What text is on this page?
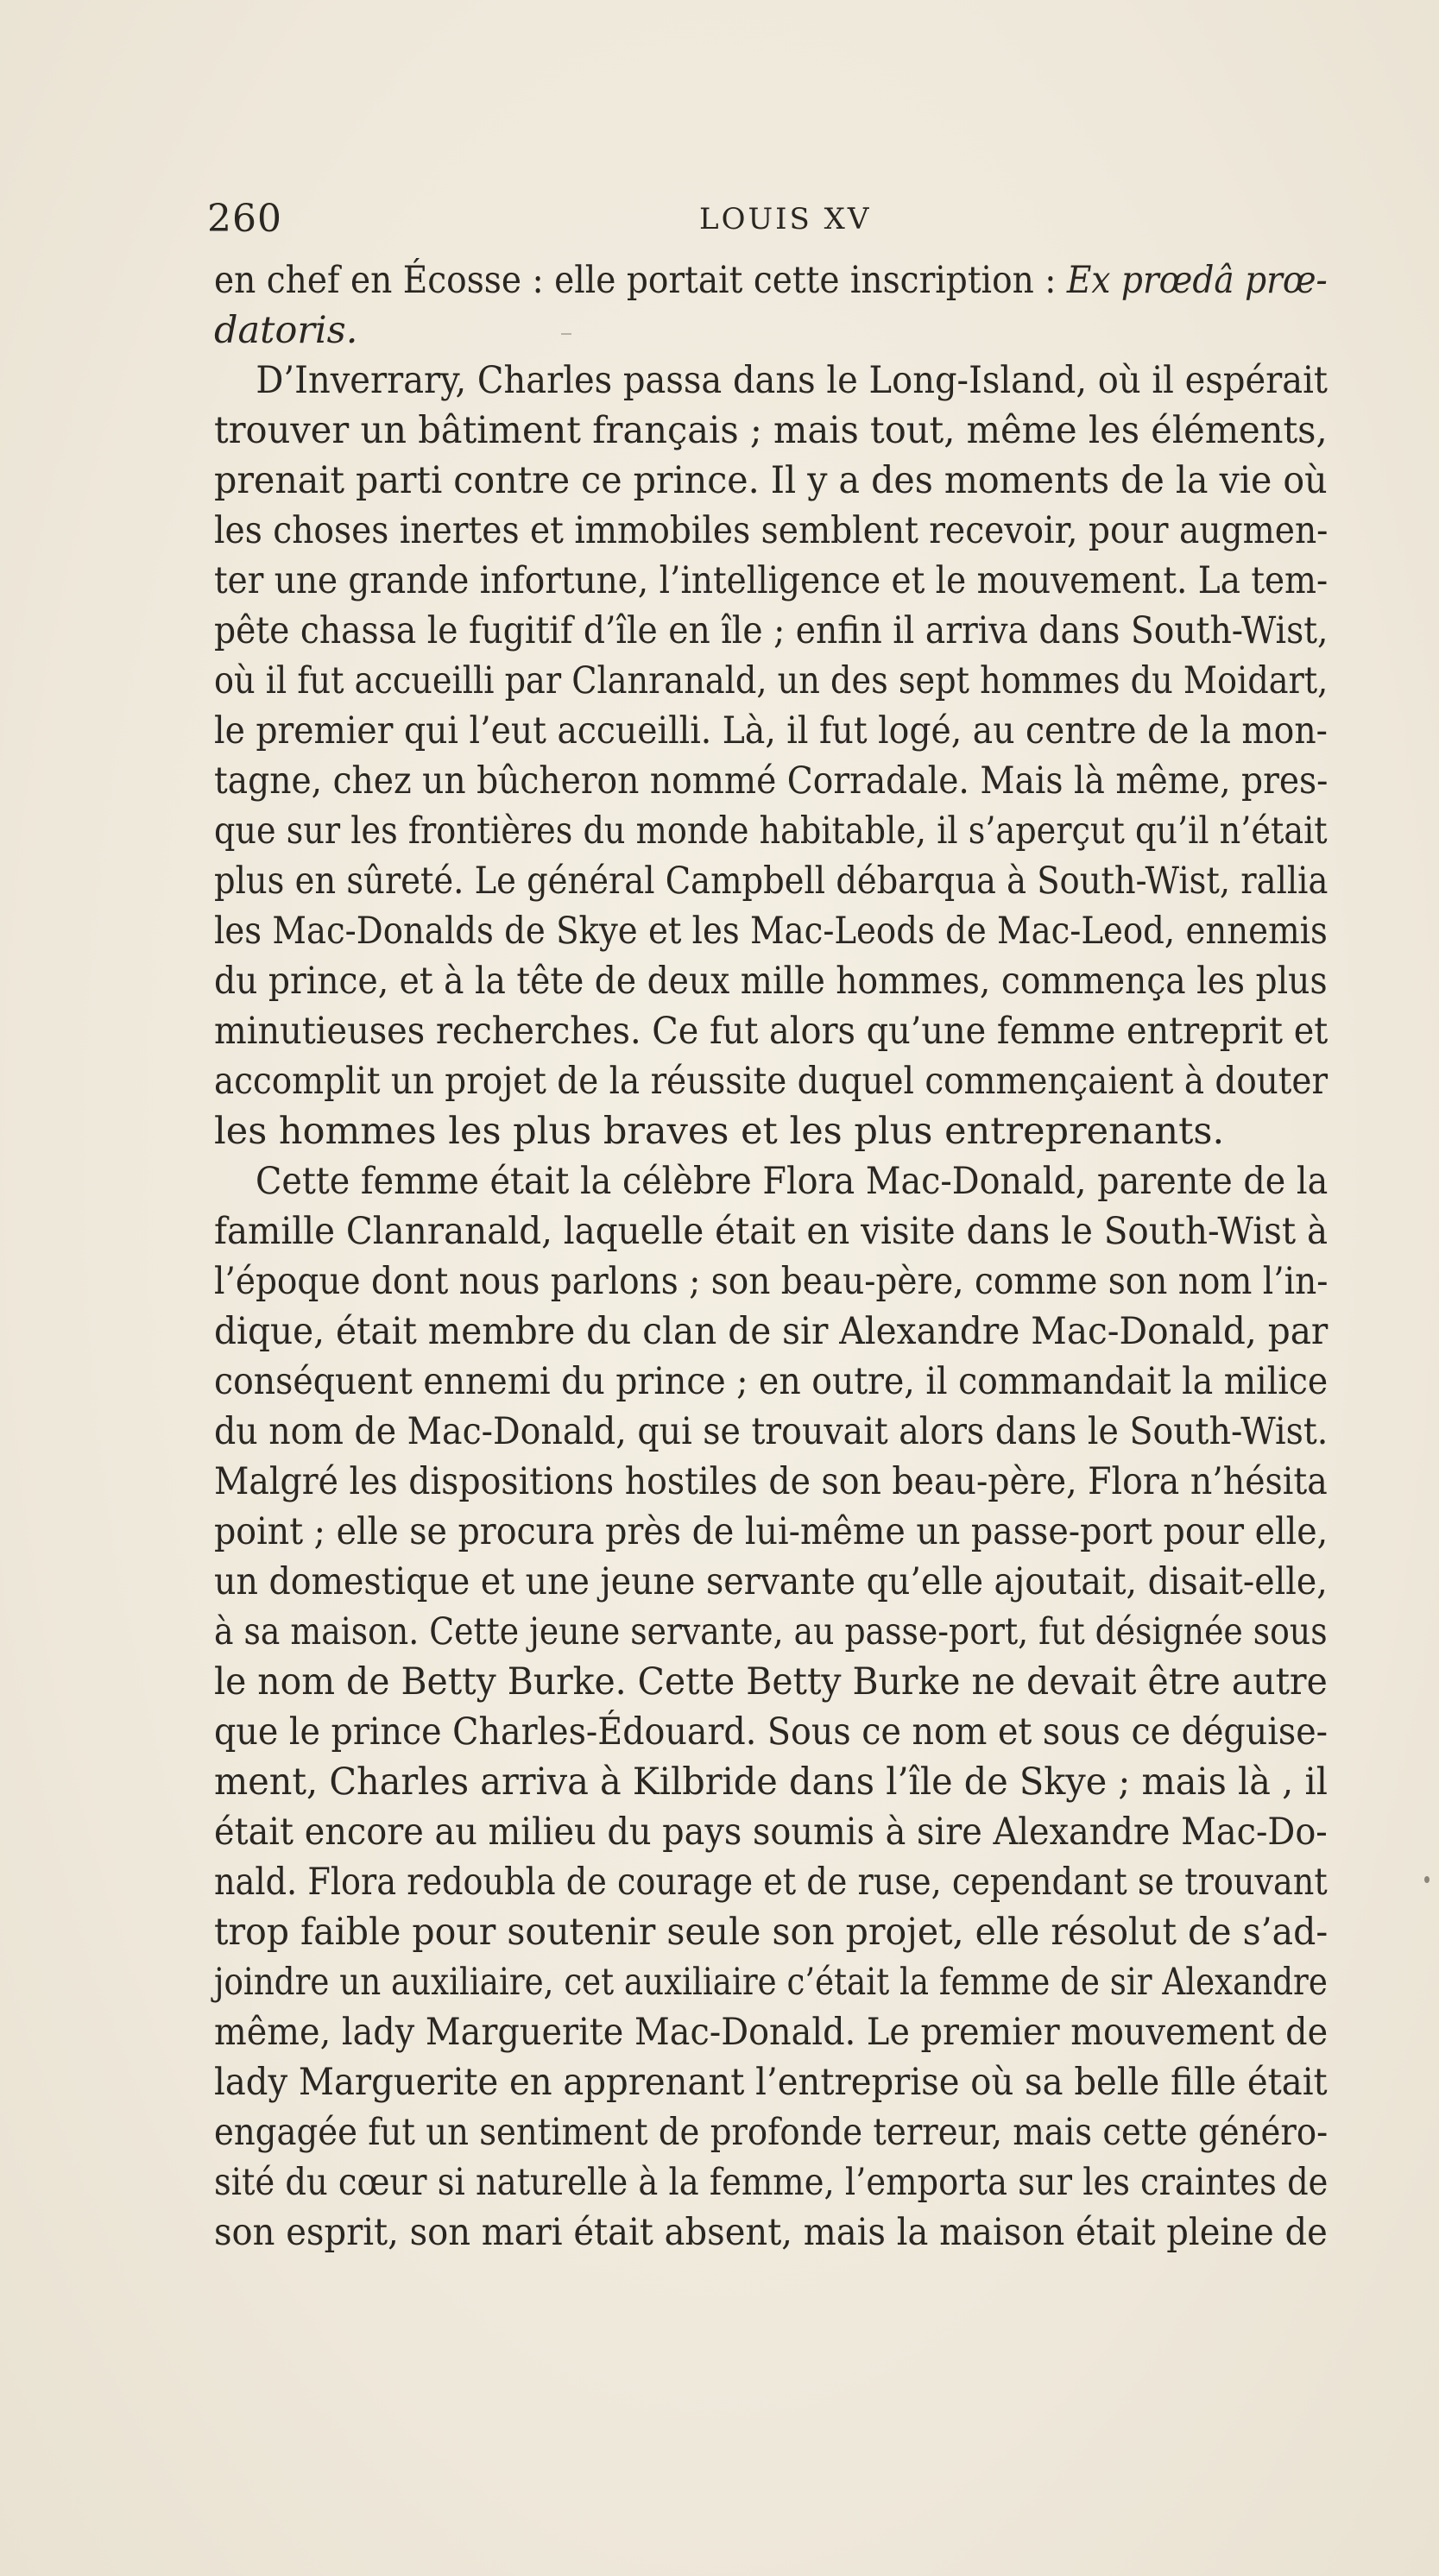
260	LOUIS XV
en chef en Écosse : elle portait cette inscription : Ex prœdâ prœ-
datoris.
D’Inverrary, Charles passa dans le Long-Island, où il espérait
trouver un bâtiment français ; mais tout, même les éléments,
prenait parti contre ce prince. Il y a des moments de la vie où
les choses inertes et immobiles semblent recevoir, pour augmen-
ter une grande infortune, l’intelligence et le mouvement. La tem-
pête chassa le fugitif d’île en île ; enfin il arriva dans South-Wist,
où il fut accueilli par Clanranald, un des sept hommes du Moidart,
le premier qui l’eut accueilli. Là, il fut logé, au centre de la mon-
tagne, chez un bûcheron nommé Corradale. Mais là même, pres-
que sur les frontières du monde habitable, il s’aperçut qu’il n’était
plus en sûreté. Le général Campbell débarqua à South-Wist, rallia
les Mac-Donalds de Skye et les Mac-Leods de Mac-Leod, ennemis
du prince, et à la tête de deux mille hommes, commença les plus
minutieuses recherches. Ce fut alors qu’une femme entreprit et
accomplit un projet de la réussite duquel commençaient à douter
les hommes les plus braves et les plus entreprenants.
Cette femme était la célèbre Flora Mac-Donald, parente de la
famille Clanranald, laquelle était en visite dans le South-Wist à
l’époque dont nous parlons ; son beau-père, comme son nom l’in-
dique, était membre du clan de sir Alexandre Mac-Donald, par
conséquent ennemi du prince ; en outre, il commandait la milice
du nom de Mac-Donald, qui se trouvait alors dans le South-Wist.
Malgré les dispositions hostiles de son beau-père, Flora n’hésita
point ; elle se procura près de lui-même un passe-port pour elle,
un domestique et une jeune servante qu’elle ajoutait, disait-elle,
à sa maison. Cette jeune servante, au passe-port, fut désignée sous
le nom de Betty Burke. Cette Betty Burke ne devait être autre
que le prince Charles-Édouard. Sous ce nom et sous ce déguise-
ment, Charles arriva à Kilbride dans l’île de Skye ; mais là , il
était encore au milieu du pays soumis à sire Alexandre Mac-Do-
nald. Flora redoubla de courage et de ruse, cependant se trouvant
trop faible pour soutenir seule son projet, elle résolut de s’ad-
joindre un auxiliaire, cet auxiliaire c’était la femme de sir Alexandre
même, lady Marguerite Mac-Donald. Le premier mouvement de
lady Marguerite en apprenant l’entreprise où sa belle fille était
engagée fut un sentiment de profonde terreur, mais cette généro-
sité du cœur si naturelle à la femme, l’emporta sur les craintes de
son esprit, son mari était absent, mais la maison était pleine de
